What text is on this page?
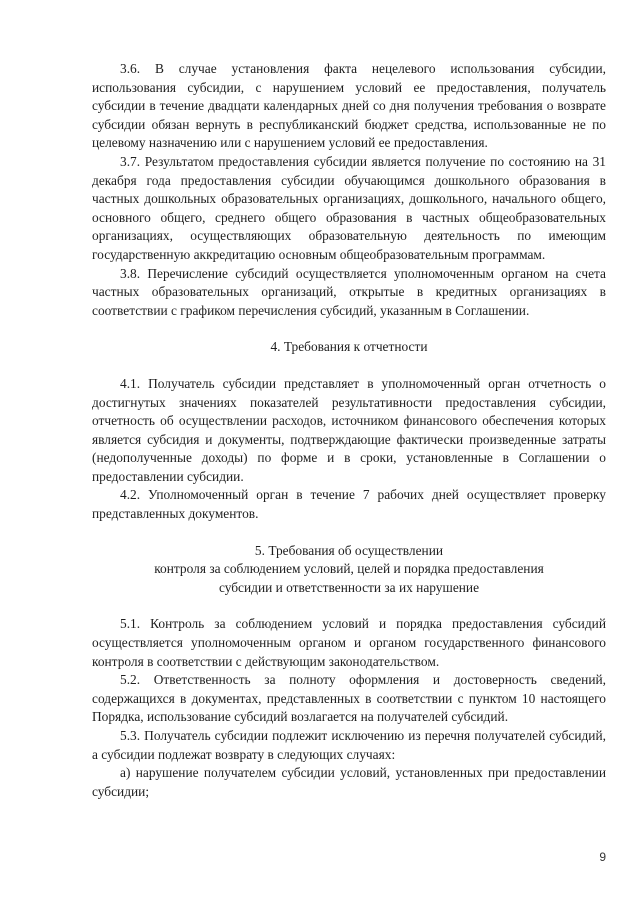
3.6. В случае установления факта нецелевого использования субсидии, использования субсидии, с нарушением условий ее предоставления, получатель субсидии в течение двадцати календарных дней со дня получения требования о возврате субсидии обязан вернуть в республиканский бюджет средства, использованные не по целевому назначению или с нарушением условий ее предоставления.

3.7. Результатом предоставления субсидии является получение по состоянию на 31 декабря года предоставления субсидии обучающимся дошкольного образования в частных дошкольных образовательных организациях, дошкольного, начального общего, основного общего, среднего общего образования в частных общеобразовательных организациях, осуществляющих образовательную деятельность по имеющим государственную аккредитацию основным общеобразовательным программам.

3.8. Перечисление субсидий осуществляется уполномоченным органом на счета частных образовательных организаций, открытые в кредитных организациях в соответствии с графиком перечисления субсидий, указанным в Соглашении.

4. Требования к отчетности

4.1. Получатель субсидии представляет в уполномоченный орган отчетность о достигнутых значениях показателей результативности предоставления субсидии, отчетность об осуществлении расходов, источником финансового обеспечения которых является субсидия и документы, подтверждающие фактически произведенные затраты (недополученные доходы) по форме и в сроки, установленные в Соглашении о предоставлении субсидии.

4.2. Уполномоченный орган в течение 7 рабочих дней осуществляет проверку представленных документов.

5. Требования об осуществлении
контроля за соблюдением условий, целей и порядка предоставления
субсидии и ответственности за их нарушение

5.1. Контроль за соблюдением условий и порядка предоставления субсидий осуществляется уполномоченным органом и органом государственного финансового контроля в соответствии с действующим законодательством.

5.2. Ответственность за полноту оформления и достоверность сведений, содержащихся в документах, представленных в соответствии с пунктом 10 настоящего Порядка, использование субсидий возлагается на получателей субсидий.

5.3. Получатель субсидии подлежит исключению из перечня получателей субсидий, а субсидии подлежат возврату в следующих случаях:

а) нарушение получателем субсидии условий, установленных при предоставлении субсидии;

9
